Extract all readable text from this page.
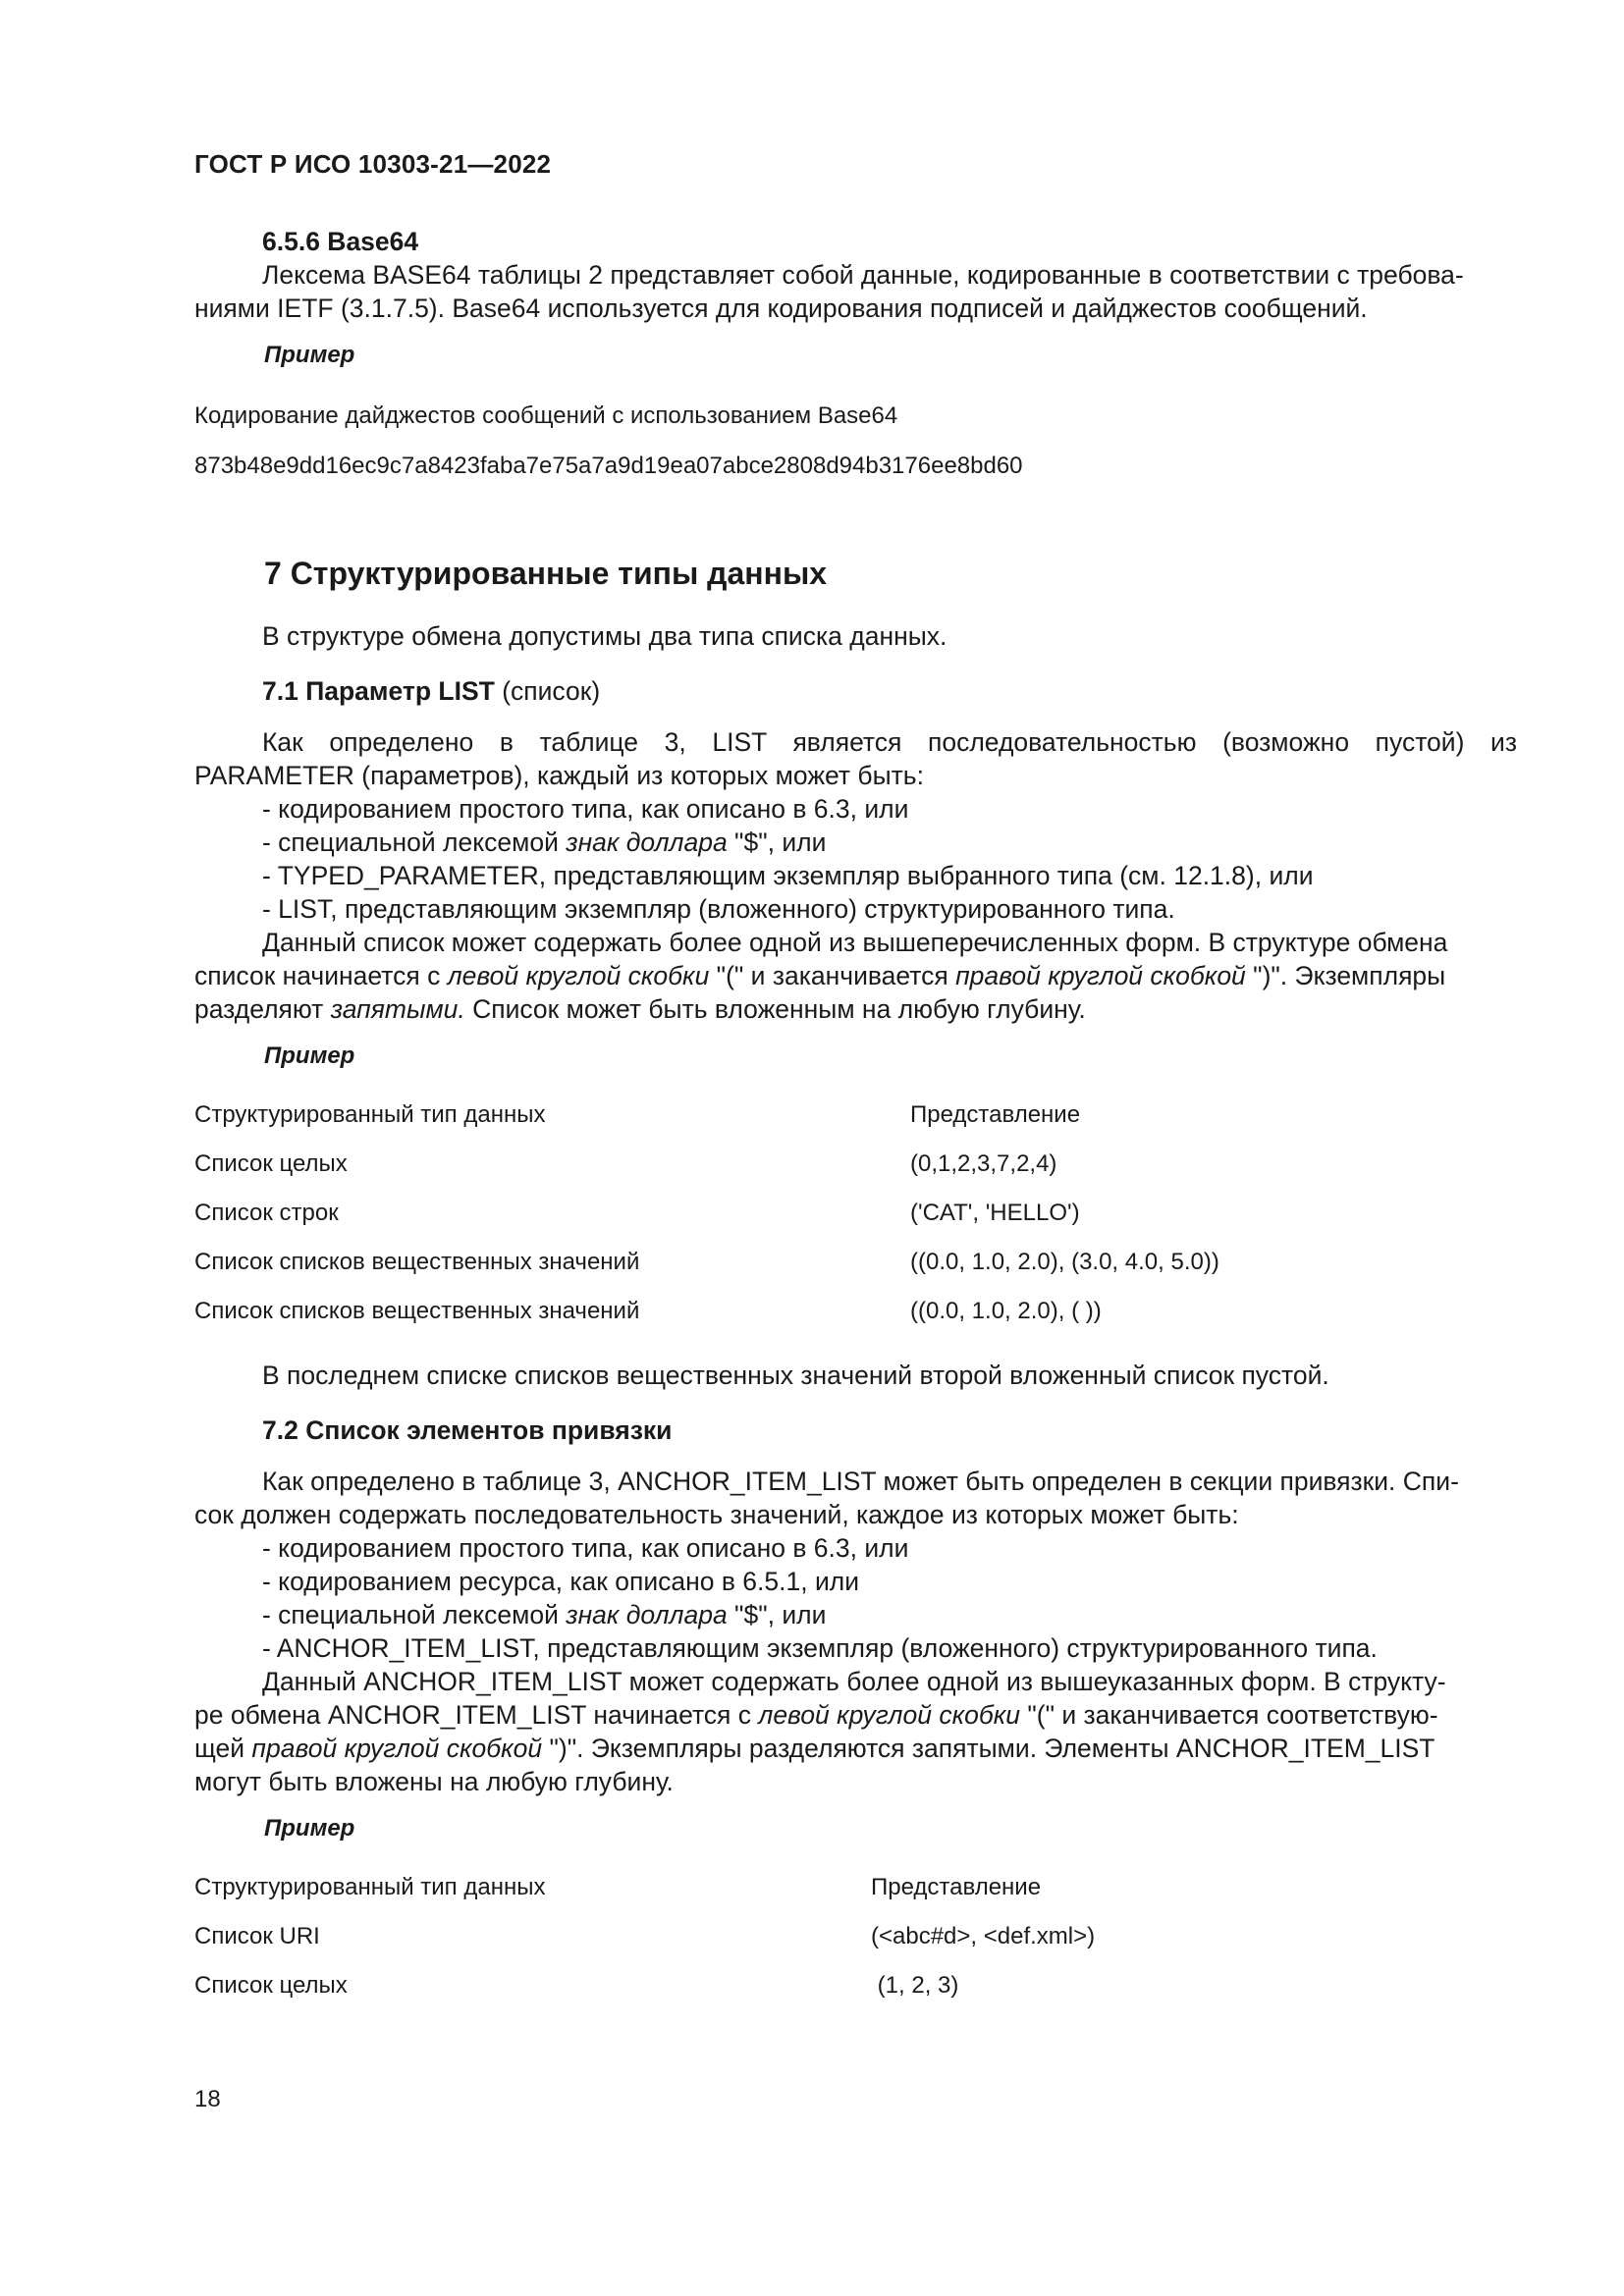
ГОСТ Р ИСО 10303-21—2022
6.5.6 Base64
Лексема BASE64 таблицы 2 представляет собой данные, кодированные в соответствии с требова-
ниями IETF (3.1.7.5). Base64 используется для кодирования подписей и дайджестов сообщений.
Пример
Кодирование дайджестов сообщений с использованием Base64
873b48e9dd16ec9c7a8423faba7e75a7a9d19ea07abce2808d94b3176ee8bd60
7 Структурированные типы данных
В структуре обмена допустимы два типа списка данных.
7.1 Параметр LIST (список)
Как определено в таблице 3, LIST является последовательностью (возможно пустой) из
PARAMETER (параметров), каждый из которых может быть:
- кодированием простого типа, как описано в 6.3, или
- специальной лексемой знак доллара "$", или
- TYPED_PARAMETER, представляющим экземпляр выбранного типа (см. 12.1.8), или
- LIST, представляющим экземпляр (вложенного) структурированного типа.
Данный список может содержать более одной из вышеперечисленных форм. В структуре обмена
список начинается с левой круглой скобки "(" и заканчивается правой круглой скобкой ")". Экземпляры
разделяют запятыми. Список может быть вложенным на любую глубину.
Пример
Структурированный тип данных	Представление
Список целых	(0,1,2,3,7,2,4)
Список строк	('CAT', 'HELLO')
Список списков вещественных значений	((0.0, 1.0, 2.0), (3.0, 4.0, 5.0))
Список списков вещественных значений	((0.0, 1.0, 2.0), ( ))
В последнем списке списков вещественных значений второй вложенный список пустой.
7.2 Список элементов привязки
Как определено в таблице 3, ANCHOR_ITEM_LIST может быть определен в секции привязки. Спи-
сок должен содержать последовательность значений, каждое из которых может быть:
- кодированием простого типа, как описано в 6.3, или
- кодированием ресурса, как описано в 6.5.1, или
- специальной лексемой знак доллара "$", или
- ANCHOR_ITEM_LIST, представляющим экземпляр (вложенного) структурированного типа.
Данный ANCHOR_ITEM_LIST может содержать более одной из вышеуказанных форм. В структу-
ре обмена ANCHOR_ITEM_LIST начинается с левой круглой скобки "(" и заканчивается соответствую-
щей правой круглой скобкой ")". Экземпляры разделяются запятыми. Элементы ANCHOR_ITEM_LIST
могут быть вложены на любую глубину.
Пример
Структурированный тип данных	Представление
Список URI	(<abc#d>, <def.xml>)
Список целых	(1, 2, 3)
18
